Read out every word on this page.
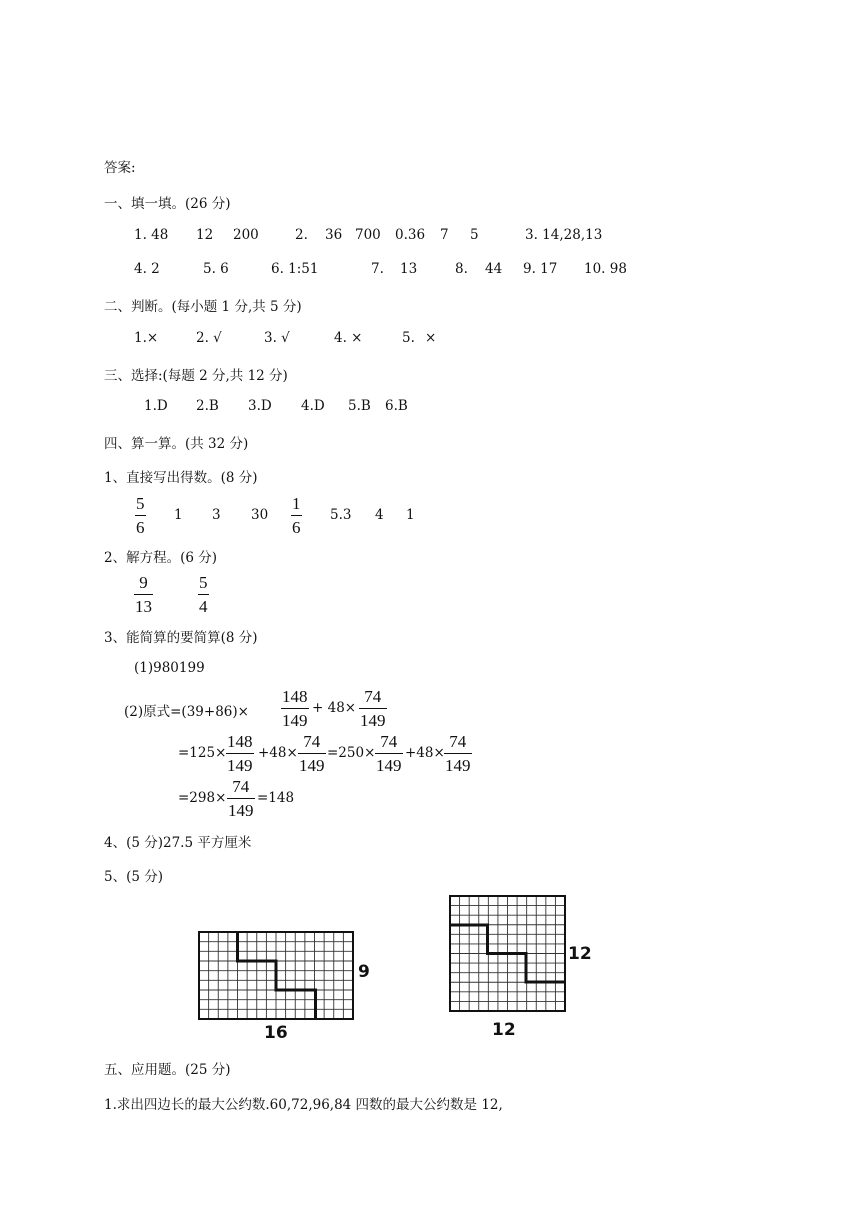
答案:
一、填一填。(26 分)
1. 48 12 200	2. 36 700 0.36 7 5	3. 14,28,13
4. 2	5. 6	6. 1:51	7. 13	8. 44 9. 17 10. 98
二、判断。(每小题 1 分,共 5 分)
1.×	2. √	3. √	4. ×	5. ×
三、选择:(每题 2 分,共 12 分)
1.D 2.B 3.D 4.D 5.B 6.B
四、算一算。(共 32 分)
1、直接写出得数。(8 分)
5
6
1 3 30
1
6
5.3 4 1
2、解方程。(6 分)
9
13
5
4
3、能简算的要简算(8 分)
(1)980199
(2)原式=(39+86)×
148
149
+ 48×
74
149
=125×
148
149
+48×
74
149
=250×
74
149
+48×
74
149
=298×
74
149
=148
4、(5 分)27.5 平方厘米
5、(5 分)
9
16
12
12
五、应用题。(25 分)
1.求出四边长的最大公约数.60,72,96,84 四数的最大公约数是 12,
